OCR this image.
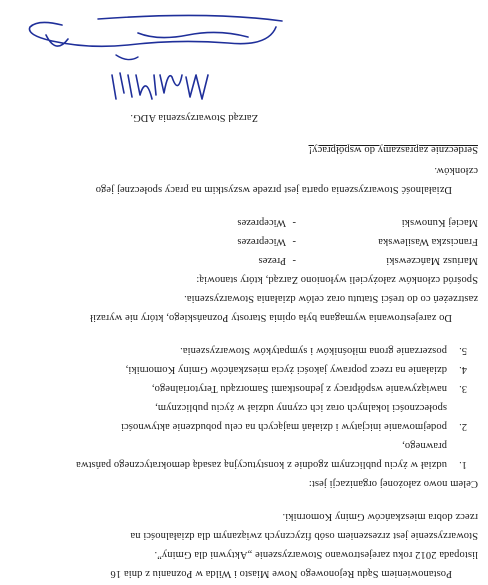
Postanowieniem Sądu Rejonowego Nowe Miasto i Wilda w Poznaniu z dnia 16
listopada 2012 roku zarejestrowano Stowarzyszenie „Aktywni dla Gminy”.
Stowarzyszenie jest zrzeszeniem osób fizycznych związanym dla działalności na
rzecz dobra mieszkańców Gminy Komorniki.
Celem nowo założonej organizacji jest:
1.
udział w życiu publicznym zgodnie z konstytucyjną zasadą demokratycznego państwa
prawnego,
2.
podejmowanie inicjatyw i działań mających na celu pobudzenie aktywności
społeczności lokalnych oraz ich czynny udział w życiu publicznym,
3.
nawiązywanie współpracy z jednostkami Samorządu Terytorialnego,
4.
działanie na rzecz poprawy jakości życia mieszkańców Gminy Komorniki,
5.
poszerzanie grona miłośników i sympatyków Stowarzyszenia.
Do zarejestrowania wymagana była opinia Starosty Poznańskiego, który nie wyraził
zastrzeżeń co do treści Statutu oraz celów działania Stowarzyszenia.
Spośród członków założycieli wyłoniono Zarząd, który stanowią:
Mariusz Mańczewski
-
Prezes
Franciszka Wasilewska
-
Wiceprezes
Maciej Kunowski
-
Wiceprezes
Działalność Stowarzyszenia oparta jest przede wszystkim na pracy społecznej jego
członków.
Serdecznie zapraszamy do współpracy!
Zarząd Stowarzyszenia ADG.
